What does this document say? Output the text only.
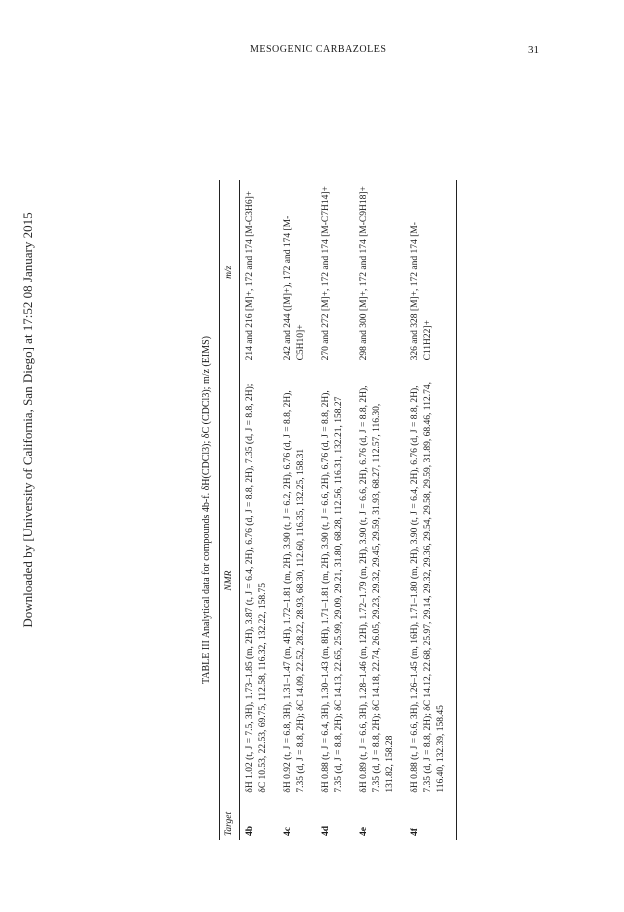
MESOGENIC CARBAZOLES	31
Downloaded by [University of California, San Diego] at 17:52 08 January 2015	TABLE III Analytical data for compounds 4b-f. δH(CDCl3); δC (CDCl3); m/z (EIMS)
Target	NMR	m/z
4b	δH 1.02 (t, J = 7.5, 3H), 1.73–1.85 (m, 2H), 3.87 (t, J = 6.4, 2H), 6.76 (d, J = 8.8, 2H), 7.35 (d, J = 8.8, 2H); δC 10.53, 22.53, 69.75, 112.58, 116.32, 132.22, 158.75	214 and 216 [M]+, 172 and 174 [M-C3H6]+
4c	δH 0.92 (t, J = 6.8, 3H), 1.31–1.47 (m, 4H), 1.72–1.81 (m, 2H), 3.90 (t, J = 6.2, 2H), 6.76 (d, J = 8.8, 2H), 7.35 (d, J = 8.8, 2H); δC 14.09, 22.52, 28.22, 28.93, 68.30, 112.60, 116.35, 132.25, 158.31	242 and 244 ([M]+), 172 and 174 [M-C5H10]+
4d	δH 0.88 (t, J = 6.4, 3H), 1.30–1.43 (m, 8H), 1.71–1.81 (m, 2H), 3.90 (t, J = 6.6, 2H), 6.76 (d, J = 8.8, 2H), 7.35 (d, J = 8.8, 2H); δC 14.13, 22.65, 25.99, 29.09, 29.21, 31.80, 68.28, 112.56, 116.31, 132.21, 158.27	270 and 272 [M]+, 172 and 174 [M-C7H14]+
4e	δH 0.89 (t, J = 6.6, 3H), 1.28–1.46 (m, 12H), 1.72–1.79 (m, 2H), 3.90 (t, J = 6.6, 2H), 6.76 (d, J = 8.8, 2H), 7.35 (d, J = 8.8, 2H); δC 14.18, 22.74, 26.05, 29.23, 29.32, 29.45, 29.59, 31.93, 68.27, 112.57, 116.30, 131.82, 158.28	298 and 300 [M]+, 172 and 174 [M-C9H18]+
4f	δH 0.88 (t, J = 6.6, 3H), 1.26–1.45 (m, 16H), 1.71–1.80 (m, 2H), 3.90 (t, J = 6.4, 2H), 6.76 (d, J = 8.8, 2H), 7.35 (d, J = 8.8, 2H); δC 14.12, 22.68, 25.97, 29.14, 29.32, 29.36, 29.54, 29.58, 29.59, 31.89, 68.46, 112.74, 116.40, 132.39, 158.45	326 and 328 [M]+, 172 and 174 [M-C11H22]+
